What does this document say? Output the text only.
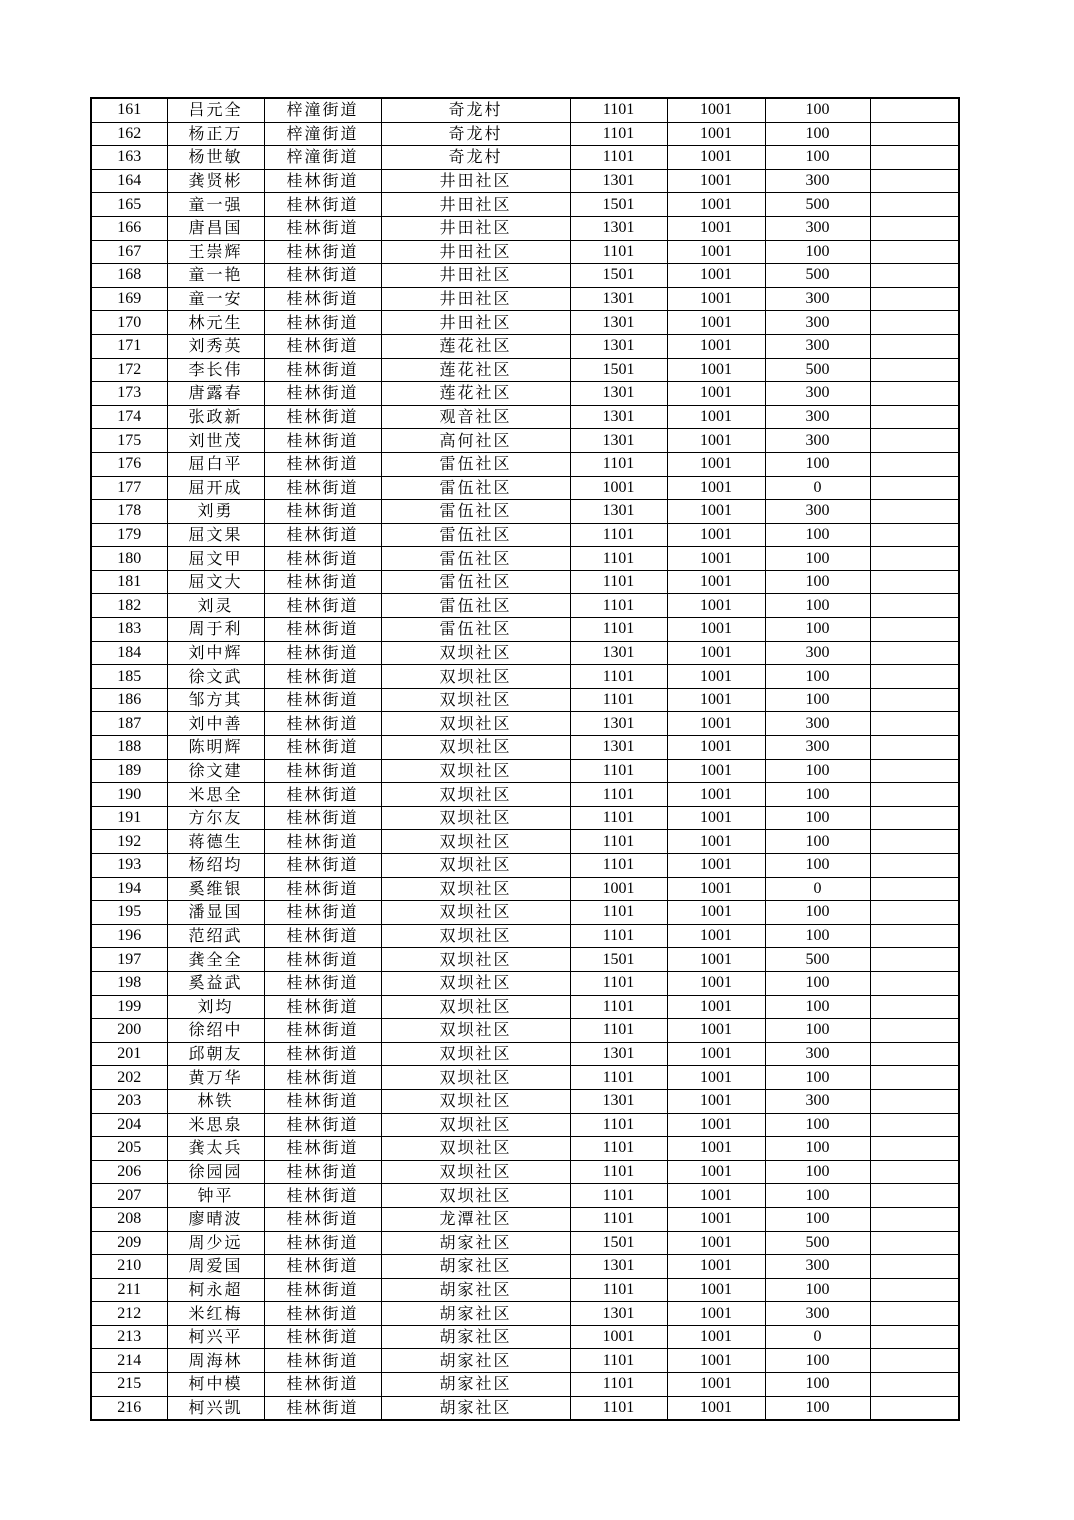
161	吕元全	梓潼街道	奇龙村	1101	1001	100	
162	杨正万	梓潼街道	奇龙村	1101	1001	100	
163	杨世敏	梓潼街道	奇龙村	1101	1001	100	
164	龚贤彬	桂林街道	井田社区	1301	1001	300	
165	童一强	桂林街道	井田社区	1501	1001	500	
166	唐昌国	桂林街道	井田社区	1301	1001	300	
167	王崇辉	桂林街道	井田社区	1101	1001	100	
168	童一艳	桂林街道	井田社区	1501	1001	500	
169	童一安	桂林街道	井田社区	1301	1001	300	
170	林元生	桂林街道	井田社区	1301	1001	300	
171	刘秀英	桂林街道	莲花社区	1301	1001	300	
172	李长伟	桂林街道	莲花社区	1501	1001	500	
173	唐露春	桂林街道	莲花社区	1301	1001	300	
174	张政新	桂林街道	观音社区	1301	1001	300	
175	刘世茂	桂林街道	高何社区	1301	1001	300	
176	屈白平	桂林街道	雷伍社区	1101	1001	100	
177	屈开成	桂林街道	雷伍社区	1001	1001	0	
178	刘勇	桂林街道	雷伍社区	1301	1001	300	
179	屈文果	桂林街道	雷伍社区	1101	1001	100	
180	屈文甲	桂林街道	雷伍社区	1101	1001	100	
181	屈文大	桂林街道	雷伍社区	1101	1001	100	
182	刘灵	桂林街道	雷伍社区	1101	1001	100	
183	周于利	桂林街道	雷伍社区	1101	1001	100	
184	刘中辉	桂林街道	双坝社区	1301	1001	300	
185	徐文武	桂林街道	双坝社区	1101	1001	100	
186	邹方其	桂林街道	双坝社区	1101	1001	100	
187	刘中善	桂林街道	双坝社区	1301	1001	300	
188	陈明辉	桂林街道	双坝社区	1301	1001	300	
189	徐文建	桂林街道	双坝社区	1101	1001	100	
190	米思全	桂林街道	双坝社区	1101	1001	100	
191	方尔友	桂林街道	双坝社区	1101	1001	100	
192	蒋德生	桂林街道	双坝社区	1101	1001	100	
193	杨绍均	桂林街道	双坝社区	1101	1001	100	
194	奚维银	桂林街道	双坝社区	1001	1001	0	
195	潘显国	桂林街道	双坝社区	1101	1001	100	
196	范绍武	桂林街道	双坝社区	1101	1001	100	
197	龚全全	桂林街道	双坝社区	1501	1001	500	
198	奚益武	桂林街道	双坝社区	1101	1001	100	
199	刘均	桂林街道	双坝社区	1101	1001	100	
200	徐绍中	桂林街道	双坝社区	1101	1001	100	
201	邱朝友	桂林街道	双坝社区	1301	1001	300	
202	黄万华	桂林街道	双坝社区	1101	1001	100	
203	林铁	桂林街道	双坝社区	1301	1001	300	
204	米思泉	桂林街道	双坝社区	1101	1001	100	
205	龚太兵	桂林街道	双坝社区	1101	1001	100	
206	徐园园	桂林街道	双坝社区	1101	1001	100	
207	钟平	桂林街道	双坝社区	1101	1001	100	
208	廖晴波	桂林街道	龙潭社区	1101	1001	100	
209	周少远	桂林街道	胡家社区	1501	1001	500	
210	周爱国	桂林街道	胡家社区	1301	1001	300	
211	柯永超	桂林街道	胡家社区	1101	1001	100	
212	米红梅	桂林街道	胡家社区	1301	1001	300	
213	柯兴平	桂林街道	胡家社区	1001	1001	0	
214	周海林	桂林街道	胡家社区	1101	1001	100	
215	柯中模	桂林街道	胡家社区	1101	1001	100	
216	柯兴凯	桂林街道	胡家社区	1101	1001	100	
